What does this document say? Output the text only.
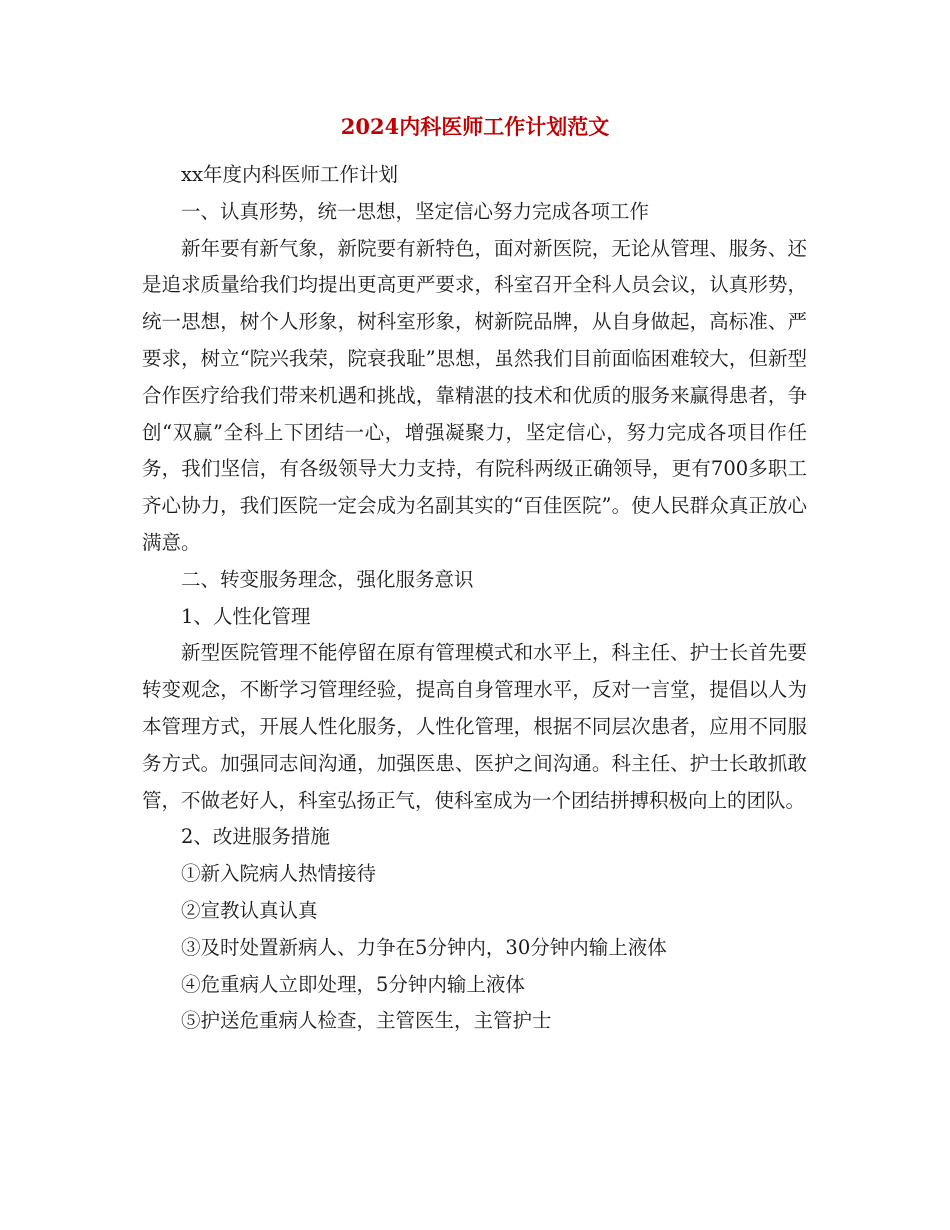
2024内科医师工作计划范文

xx年度内科医师工作计划

一、认真形势，统一思想，坚定信心努力完成各项工作

新年要有新气象，新院要有新特色，面对新医院，无论从管理、服务、还是追求质量给我们均提出更高更严要求，科室召开全科人员会议，认真形势，统一思想，树个人形象，树科室形象，树新院品牌，从自身做起，高标准、严要求，树立“院兴我荣，院衰我耻”思想，虽然我们目前面临困难较大，但新型合作医疗给我们带来机遇和挑战，靠精湛的技术和优质的服务来赢得患者，争创“双赢”全科上下团结一心，增强凝聚力，坚定信心，努力完成各项目作任务，我们坚信，有各级领导大力支持，有院科两级正确领导，更有700多职工齐心协力，我们医院一定会成为名副其实的“百佳医院”。使人民群众真正放心满意。

二、转变服务理念，强化服务意识

1、人性化管理

新型医院管理不能停留在原有管理模式和水平上，科主任、护士长首先要转变观念，不断学习管理经验，提高自身管理水平，反对一言堂，提倡以人为本管理方式，开展人性化服务，人性化管理，根据不同层次患者，应用不同服务方式。加强同志间沟通，加强医患、医护之间沟通。科主任、护士长敢抓敢管，不做老好人，科室弘扬正气，使科室成为一个团结拼搏积极向上的团队。

2、改进服务措施

①新入院病人热情接待

②宣教认真认真

③及时处置新病人、力争在5分钟内，30分钟内输上液体

④危重病人立即处理，5分钟内输上液体

⑤护送危重病人检查，主管医生，主管护士
